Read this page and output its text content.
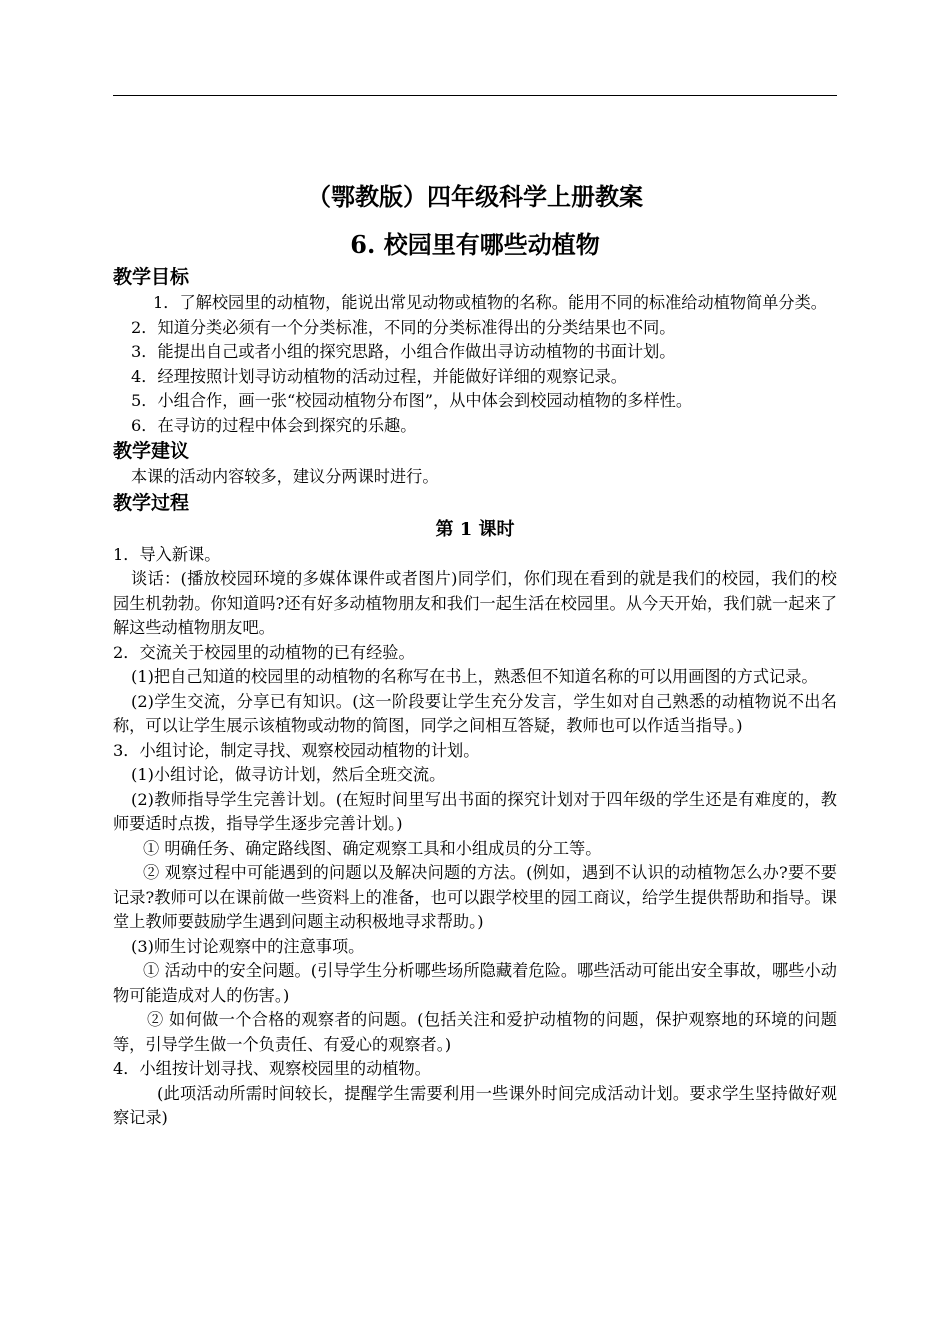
（鄂教版）四年级科学上册教案
6. 校园里有哪些动植物
教学目标

1．了解校园里的动植物，能说出常见动物或植物的名称。能用不同的标准给动植物简单分类。

2．知道分类必须有一个分类标准，不同的分类标准得出的分类结果也不同。

3．能提出自己或者小组的探究思路，小组合作做出寻访动植物的书面计划。

4．经理按照计划寻访动植物的活动过程，并能做好详细的观察记录。

5．小组合作，画一张“校园动植物分布图”，从中体会到校园动植物的多样性。

6．在寻访的过程中体会到探究的乐趣。

教学建议

本课的活动内容较多，建议分两课时进行。

教学过程
第 1 课时

1．导入新课。

谈话：(播放校园环境的多媒体课件或者图片)同学们，你们现在看到的就是我们的校园，我们的校园生机勃勃。你知道吗?还有好多动植物朋友和我们一起生活在校园里。从今天开始，我们就一起来了解这些动植物朋友吧。

2．交流关于校园里的动植物的已有经验。

(1)把自己知道的校园里的动植物的名称写在书上，熟悉但不知道名称的可以用画图的方式记录。

(2)学生交流，分享已有知识。(这一阶段要让学生充分发言，学生如对自己熟悉的动植物说不出名称，可以让学生展示该植物或动物的简图，同学之间相互答疑，教师也可以作适当指导。)

3．小组讨论，制定寻找、观察校园动植物的计划。

(1)小组讨论，做寻访计划，然后全班交流。

(2)教师指导学生完善计划。(在短时间里写出书面的探究计划对于四年级的学生还是有难度的，教师要适时点拨，指导学生逐步完善计划。)

① 明确任务、确定路线图、确定观察工具和小组成员的分工等。

② 观察过程中可能遇到的问题以及解决问题的方法。(例如，遇到不认识的动植物怎么办?要不要记录?教师可以在课前做一些资料上的准备，也可以跟学校里的园工商议，给学生提供帮助和指导。课堂上教师要鼓励学生遇到问题主动积极地寻求帮助。)

(3)师生讨论观察中的注意事项。

① 活动中的安全问题。(引导学生分析哪些场所隐藏着危险。哪些活动可能出安全事故，哪些小动物可能造成对人的伤害。)

② 如何做一个合格的观察者的问题。(包括关注和爱护动植物的问题，保护观察地的环境的问题等，引导学生做一个负责任、有爱心的观察者。)

4．小组按计划寻找、观察校园里的动植物。

(此项活动所需时间较长，提醒学生需要利用一些课外时间完成活动计划。要求学生坚持做好观察记录)
